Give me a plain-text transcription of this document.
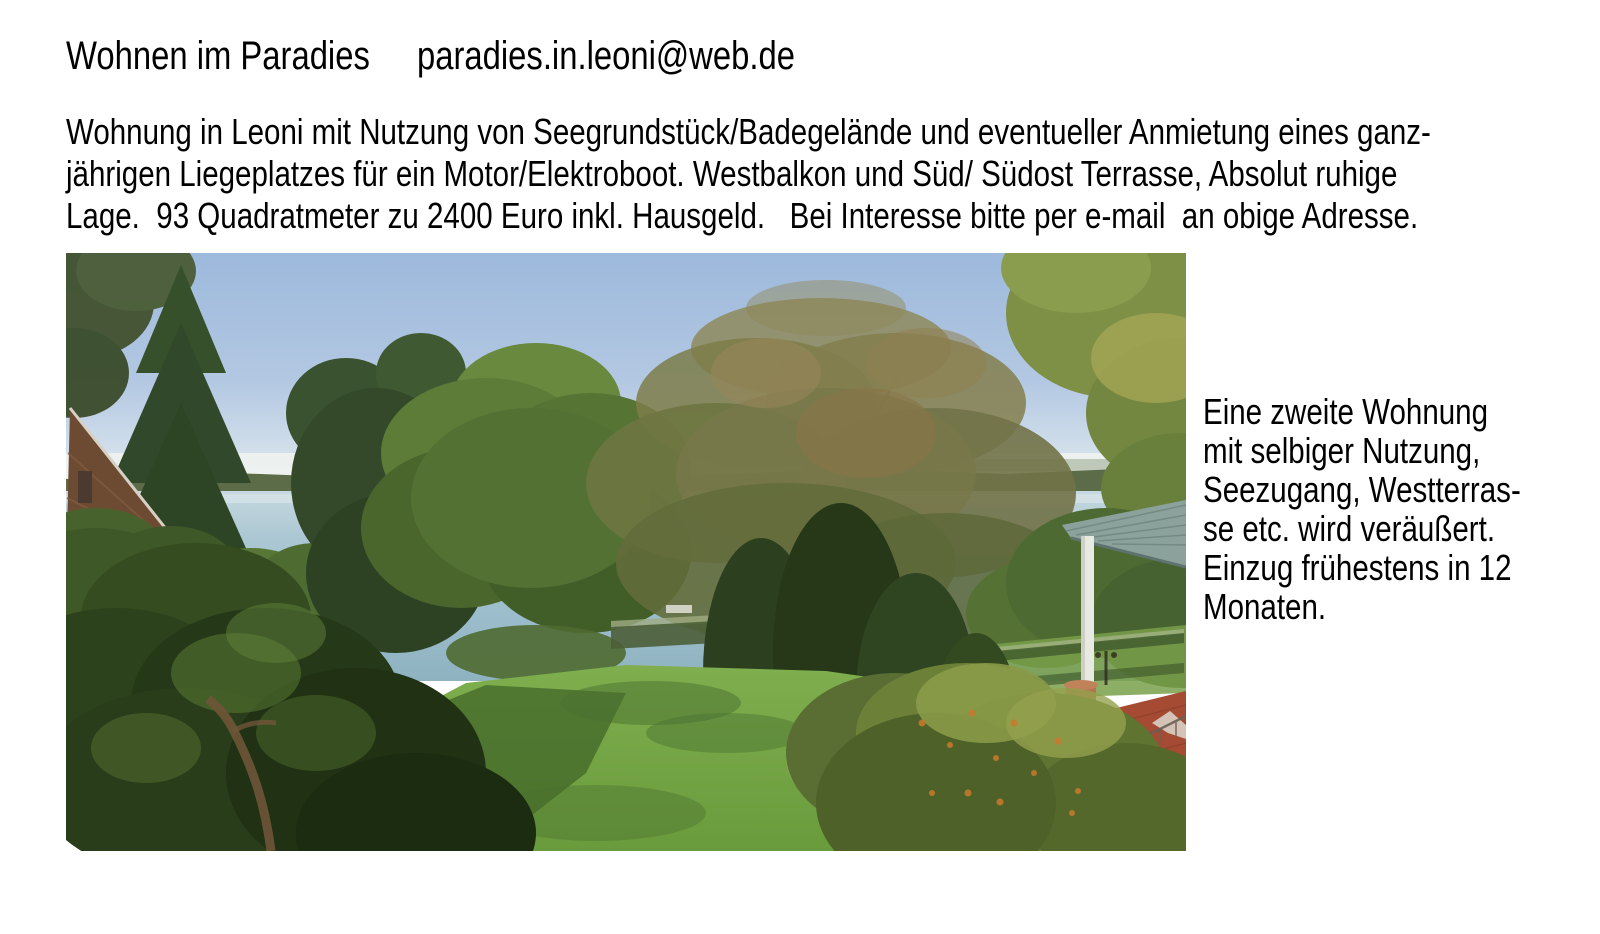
Wohnen im Paradies paradies.in.leoni@web.de
Wohnung in Leoni mit Nutzung von Seegrundstück/Badegelände und eventueller Anmietung eines ganz-
jährigen Liegeplatzes für ein Motor/Elektroboot. Westbalkon und Süd/ Südost Terrasse, Absolut ruhige
Lage.  93 Quadratmeter zu 2400 Euro inkl. Hausgeld.   Bei Interesse bitte per e-mail  an obige Adresse.
Eine zweite Wohnung
mit selbiger Nutzung,
Seezugang, Westterras-
se etc. wird veräußert.
Einzug frühestens in 12
Monaten.
